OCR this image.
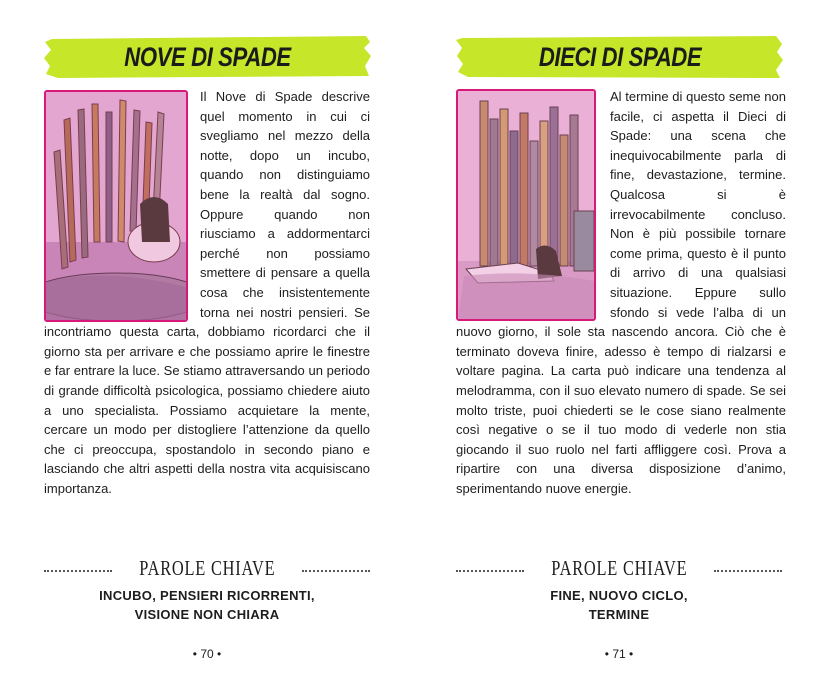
NOVE DI SPADE

Il Nove di Spade descrive quel momento in cui ci svegliamo nel mezzo della notte, dopo un incubo, quando non distinguiamo bene la realtà dal sogno. Oppure quando non riusciamo a addormentarci perché non possiamo smettere di pensare a quella cosa che insistentemente torna nei nostri pensieri. Se incontriamo questa carta, dobbiamo ricordarci che il giorno sta per arrivare e che possiamo aprire le finestre e far entrare la luce. Se stiamo attraversando un periodo di grande difficoltà psicologica, possiamo chiedere aiuto a uno specialista. Possiamo acquietare la mente, cercare un modo per distogliere l’attenzione da quello che ci preoccupa, spostandolo in secondo piano e lasciando che altri aspetti della nostra vita acquisiscano importanza.

PAROLE CHIAVE
INCUBO, PENSIERI RICORRENTI,
VISIONE NON CHIARA
• 70 •
DIECI DI SPADE

Al termine di questo seme non facile, ci aspetta il Dieci di Spade: una scena che inequivocabilmente parla di fine, devastazione, termine. Qualcosa si è irrevocabilmente concluso. Non è più possibile tornare come prima, questo è il punto di arrivo di una qualsiasi situazione. Eppure sullo sfondo si vede l’alba di un nuovo giorno, il sole sta nascendo ancora. Ciò che è terminato doveva finire, adesso è tempo di rialzarsi e voltare pagina. La carta può indicare una tendenza al melodramma, con il suo elevato numero di spade. Se sei molto triste, puoi chiederti se le cose siano realmente così negative o se il tuo modo di vederle non stia giocando il suo ruolo nel farti affliggere così. Prova a ripartire con una diversa disposizione d’animo, sperimentando nuove energie.

PAROLE CHIAVE
FINE, NUOVO CICLO,
TERMINE
• 71 •
